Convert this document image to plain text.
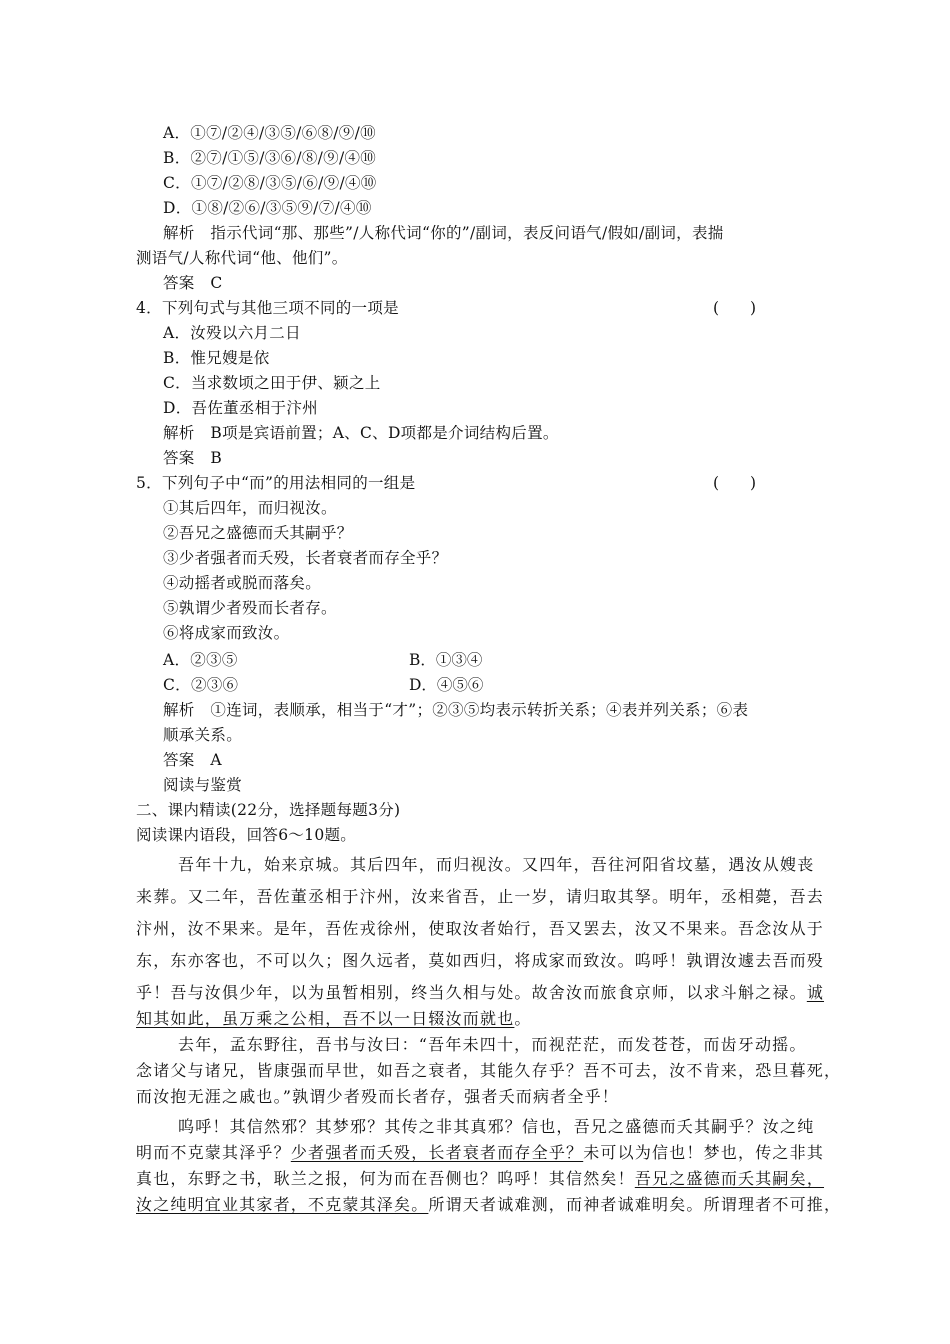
A．①⑦/②④/③⑤/⑥⑧/⑨/⑩
B．②⑦/①⑤/③⑥/⑧/⑨/④⑩
C．①⑦/②⑧/③⑤/⑥/⑨/④⑩
D．①⑧/②⑥/③⑤⑨/⑦/④⑩
解析　指示代词“那、那些”/人称代词“你的”/副词，表反问语气/假如/副词，表揣
测语气/人称代词“他、他们”。
答案　C
4．下列句式与其他三项不同的一项是	(　　)
A．汝殁以六月二日
B．惟兄嫂是依
C．当求数顷之田于伊、颍之上
D．吾佐董丞相于汴州
解析　B项是宾语前置；A、C、D项都是介词结构后置。
答案　B
5．下列句子中“而”的用法相同的一组是	(　　)
①其后四年，而归视汝。
②吾兄之盛德而夭其嗣乎？
③少者强者而夭殁，长者衰者而存全乎？
④动摇者或脱而落矣。
⑤孰谓少者殁而长者存。
⑥将成家而致汝。
A．②③⑤	B．①③④
C．②③⑥	D．④⑤⑥
解析　①连词，表顺承，相当于“才”；②③⑤均表示转折关系；④表并列关系；⑥表
顺承关系。
答案　A
阅读与鉴赏
二、课内精读(22分，选择题每题3分)
阅读课内语段，回答6～10题。
吾年十九，始来京城。其后四年，而归视汝。又四年，吾往河阳省坟墓，遇汝从嫂丧
来葬。又二年，吾佐董丞相于汴州，汝来省吾，止一岁，请归取其孥。明年，丞相薨，吾去
汴州，汝不果来。是年，吾佐戎徐州，使取汝者始行，吾又罢去，汝又不果来。吾念汝从于
东，东亦客也，不可以久；图久远者，莫如西归，将成家而致汝。呜呼！孰谓汝遽去吾而殁
乎！吾与汝俱少年，以为虽暂相别，终当久相与处。故舍汝而旅食京师，以求斗斛之禄。诚
知其如此，虽万乘之公相，吾不以一日辍汝而就也。
去年，孟东野往，吾书与汝曰：“吾年未四十，而视茫茫，而发苍苍，而齿牙动摇。
念诸父与诸兄，皆康强而早世，如吾之衰者，其能久存乎？吾不可去，汝不肯来，恐旦暮死，
而汝抱无涯之戚也。”孰谓少者殁而长者存，强者夭而病者全乎！
呜呼！其信然邪？其梦邪？其传之非其真邪？信也，吾兄之盛德而夭其嗣乎？汝之纯
明而不克蒙其泽乎？少者强者而夭殁，长者衰者而存全乎？未可以为信也！梦也，传之非其
真也，东野之书，耿兰之报，何为而在吾侧也？呜呼！其信然矣！吾兄之盛德而夭其嗣矣，
汝之纯明宜业其家者，不克蒙其泽矣。所谓天者诚难测，而神者诚难明矣。所谓理者不可推，
